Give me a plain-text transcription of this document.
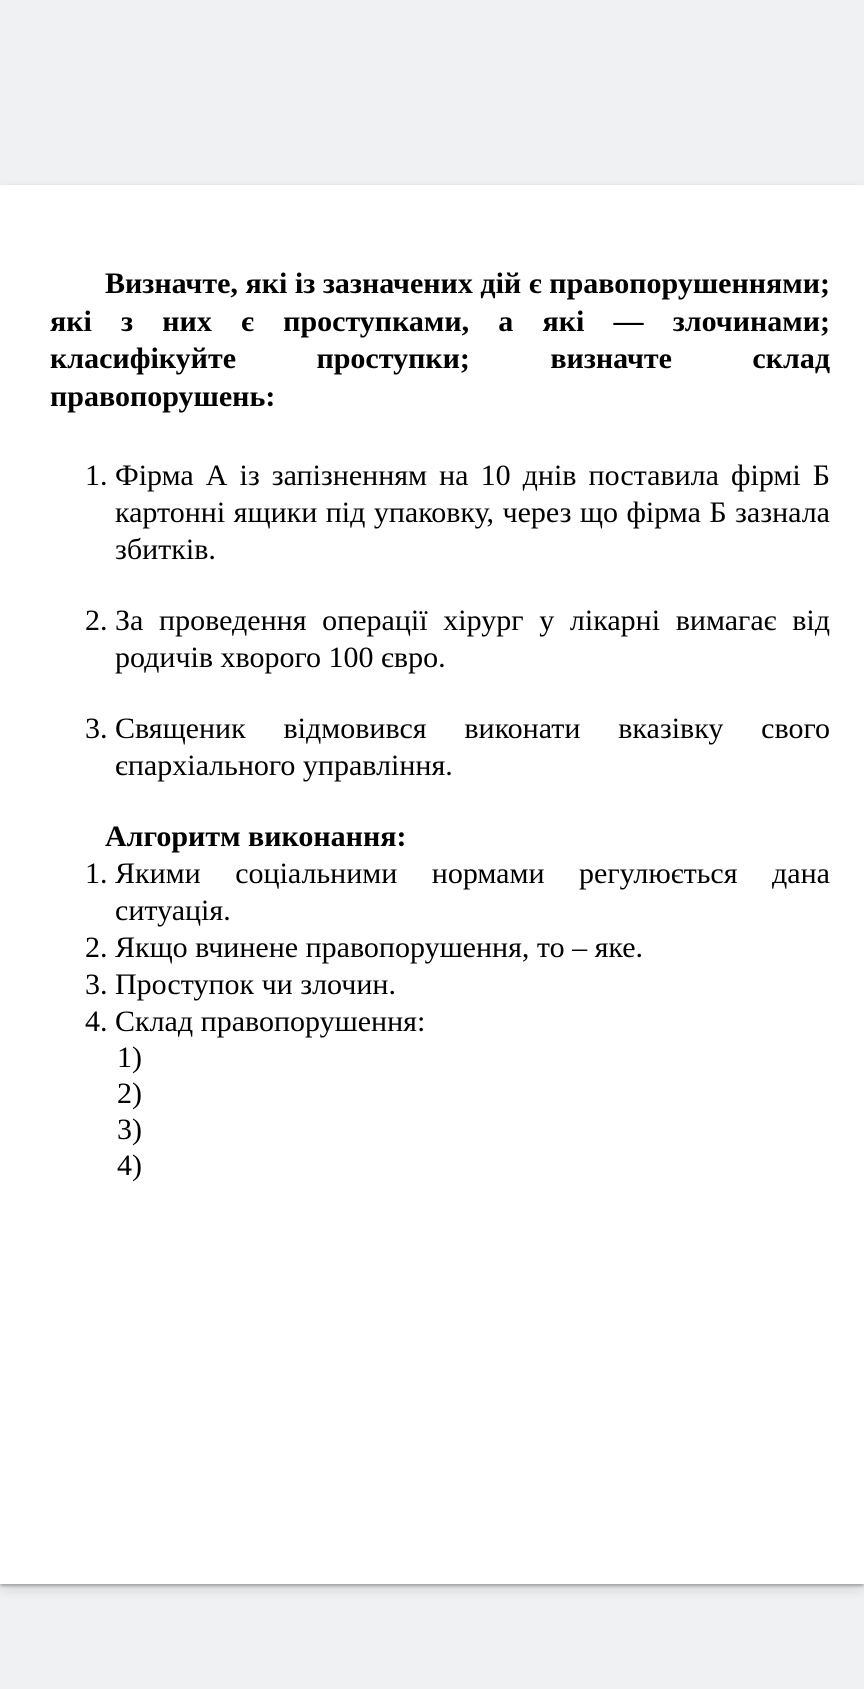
Визначте, які із зазначених дій є правопорушеннями; які з них є проступками, а які — злочинами; класифікуйте проступки; визначте склад правопорушень:

1. Фірма А із запізненням на 10 днів поставила фірмі Б картонні ящики під упаковку, через що фірма Б зазнала збитків.
2. За проведення операції хірург у лікарні вимагає від родичів хворого 100 євро.
3. Священик відмовився виконати вказівку свого єпархіального управління.

Алгоритм виконання:

1. Якими соціальними нормами регулюється дана ситуація.
2. Якщо вчинене правопорушення, то – яке.
3. Проступок чи злочин.
4. Склад правопорушення:
1)
2)
3)
4)
